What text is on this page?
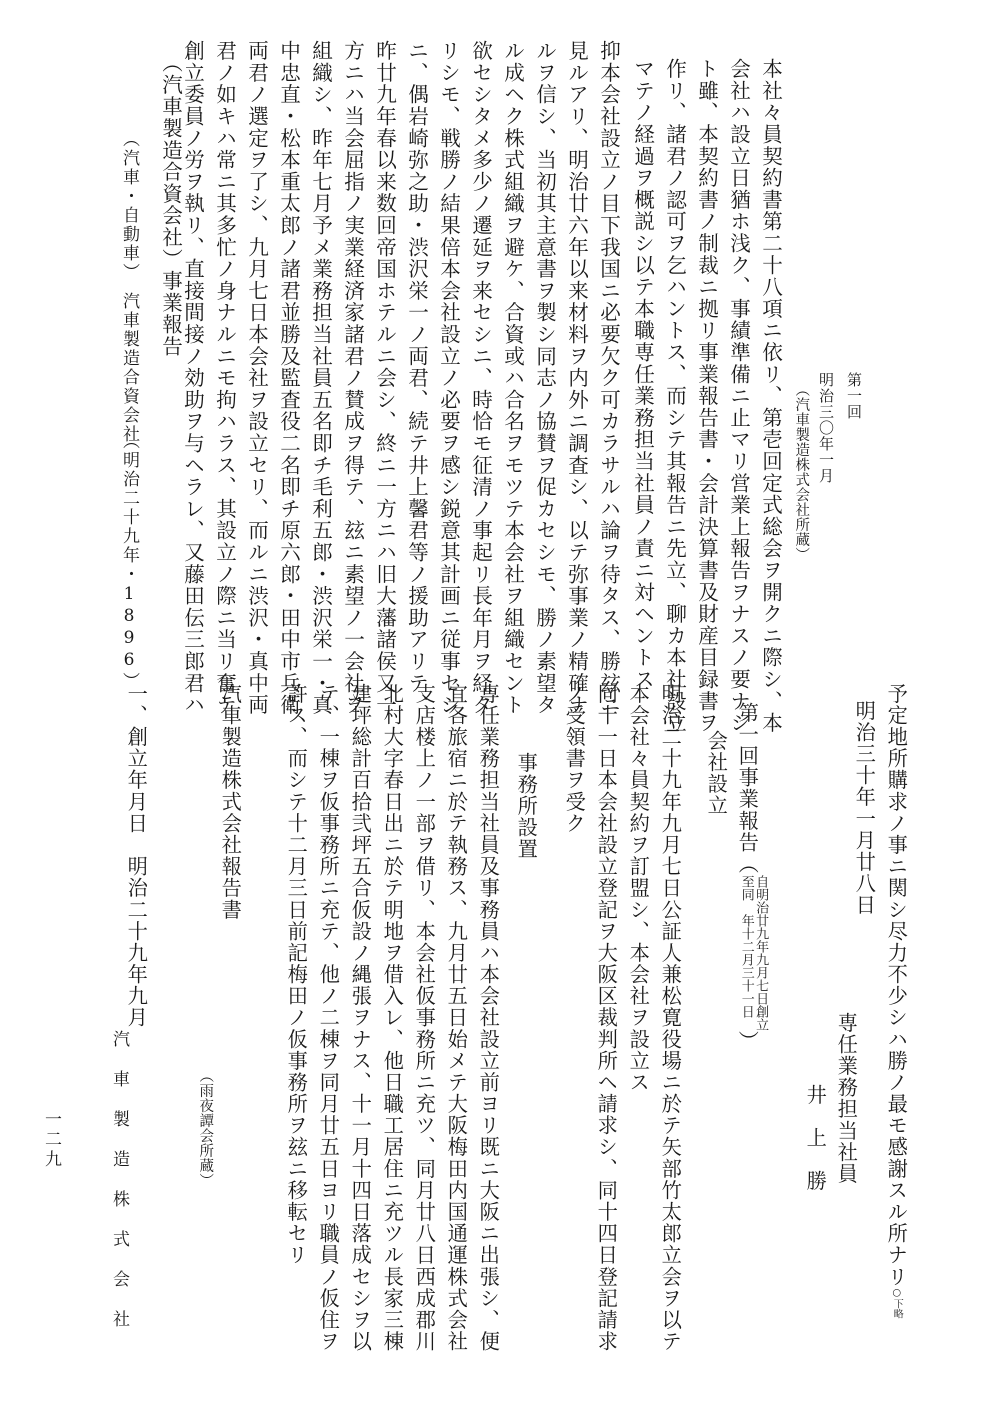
（汽車製造合資会社）事業報告
第一回
明治三〇年一月
（汽車製造株式会社所蔵）
本社々員契約書第二十八項ニ依リ、第壱回定式総会ヲ開クニ際シ、本
会社ハ設立日猶ホ浅ク、事績準備ニ止マリ営業上報告ヲナスノ要ナシ
ト雖、本契約書ノ制裁ニ拠リ事業報告書・会計決算書及財産目録書ヲ
作リ、諸君ノ認可ヲ乞ハントス、而シテ其報告ニ先立、聊カ本社設立
マテノ経過ヲ概説シ以テ本職専任業務担当社員ノ責ニ対ヘントス
抑本会社設立ノ目下我国ニ必要欠ク可カラサルハ論ヲ待タス、勝玆ニ
見ルアリ、明治廿六年以来材料ヲ内外ニ調査シ、以テ弥事業ノ精確ナ
ルヲ信シ、当初其主意書ヲ製シ同志ノ協賛ヲ促カセシモ、勝ノ素望タ
ル成ヘク株式組織ヲ避ケ、合資或ハ合名ヲモツテ本会社ヲ組織セント
欲セシタメ多少ノ遷延ヲ来セシニ、時恰モ征清ノ事起リ長年月ヲ経タ
リシモ、戦勝ノ結果倍本会社設立ノ必要ヲ感シ鋭意其計画ニ従事セシ
ニ、偶岩崎弥之助・渋沢栄一ノ両君、続テ井上馨君等ノ援助アリテ、
昨廿九年春以来数回帝国ホテルニ会シ、終ニ一方ニハ旧大藩諸侯又一
方ニハ当会屈指ノ実業経済家諸君ノ賛成ヲ得テ、玆ニ素望ノ一会社ヲ
組織シ、昨年七月予メ業務担当社員五名即チ毛利五郎・渋沢栄一・真
中忠直・松本重太郎ノ諸君並勝及監査役二名即チ原六郎・田中市兵衛
両君ノ選定ヲ了シ、九月七日本会社ヲ設立セリ、而ルニ渋沢・真中両
君ノ如キハ常ニ其多忙ノ身ナルニモ拘ハラス、其設立ノ際ニ当リ奮テ
創立委員ノ労ヲ執リ、直接間接ノ効助ヲ与ヘラレ、又藤田伝三郎君ハ
（汽車・自動車）
汽車製造合資会社
（明治二十九年・1896）
予定地所購求ノ事ニ関シ尽力不少シハ勝ノ最モ感謝スル所ナリ○下略
明治三十年一月廿八日
専任業務担当社員
井　上　勝
第一回事業報告（自明治廿九年九月七日創立
至同　年十二月三十一日）
会社設立
明治二十九年九月七日公証人兼松寛役場ニ於テ矢部竹太郎立会ヲ以テ
本会社々員契約ヲ訂盟シ、本会社ヲ設立ス
同十一日本会社設立登記ヲ大阪区裁判所ヘ請求シ、同十四日登記請求
ノ受領書ヲ受ク
事務所設置
専任業務担当社員及事務員ハ本会社設立前ヨリ既ニ大阪ニ出張シ、便
宜各旅宿ニ於テ執務ス、九月廿五日始メテ大阪梅田内国通運株式会社
支店楼上ノ一部ヲ借リ、本会社仮事務所ニ充ツ、同月廿八日西成郡川
北村大字春日出ニ於テ明地ヲ借入レ、他日職工居住ニ充ツル長家三棟
建坪総計百拾弐坪五合仮設ノ縄張ヲナス、十一月十四日落成セシヲ以
テ、一棟ヲ仮事務所ニ充テ、他ノ二棟ヲ同月廿五日ヨリ職員ノ仮住ヲ
許ス、而シテ十二月三日前記梅田ノ仮事務所ヲ玆ニ移転セリ
汽車製造株式会社報告書
（雨夜譚会所蔵）
一、創立年月日　明治二十九年九月
汽　車　製　造　株　式　会　社
一二九
